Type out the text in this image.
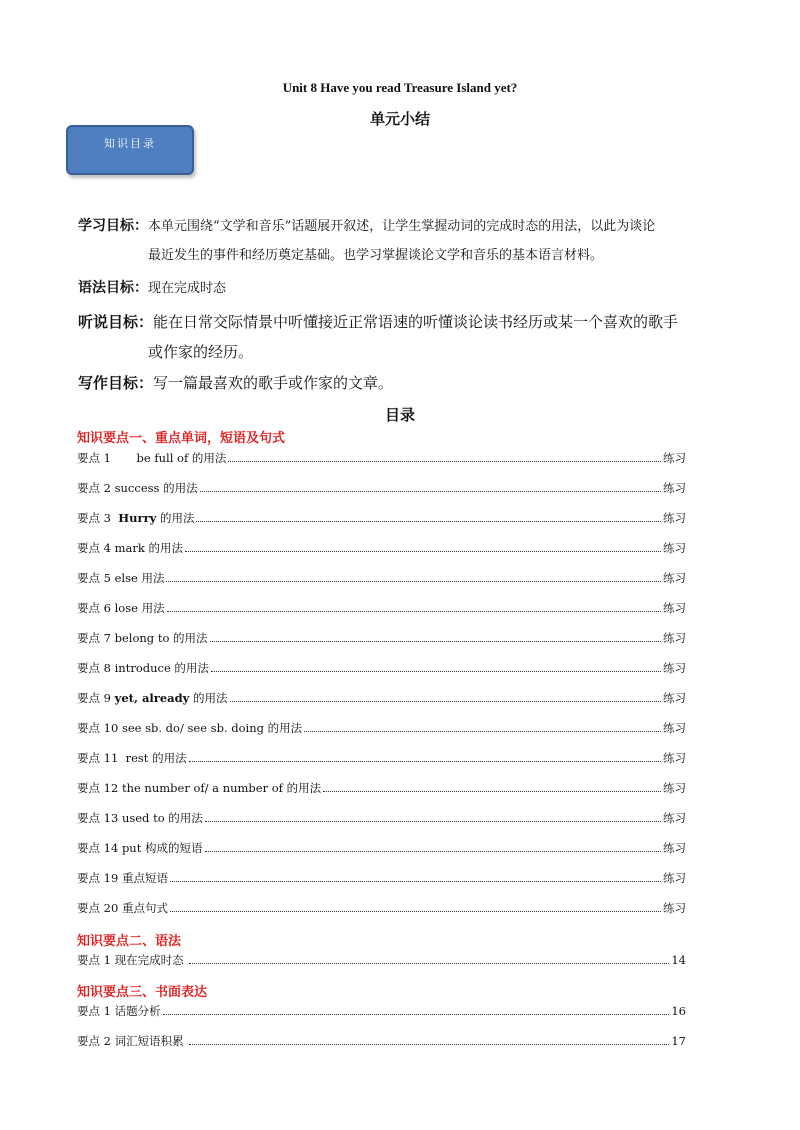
Unit 8 Have you read Treasure Island yet?
单元小结
知识目录
学习目标：本单元围绕“文学和音乐”话题展开叙述，让学生掌握动词的完成时态的用法，以此为谈论
最近发生的事件和经历奠定基础。也学习掌握谈论文学和音乐的基本语言材料。
语法目标：现在完成时态
听说目标：能在日常交际情景中听懂接近正常语速的听懂谈论读书经历或某一个喜欢的歌手
或作家的经历。
写作目标：写一篇最喜欢的歌手或作家的文章。
目录
知识要点一、重点单词，短语及句式
知识要点二、语法
知识要点三、书面表达
要点 1       be full of 的用法	练习
要点 2 success 的用法	练习
要点 3  Hurry 的用法	练习
要点 4 mark 的用法	练习
要点 5 else 用法	练习
要点 6 lose 用法	练习
要点 7 belong to 的用法	练习
要点 8 introduce 的用法	练习
要点 9 yet, already 的用法	练习
要点 10 see sb. do/ see sb. doing 的用法	练习
要点 11  rest 的用法	练习
要点 12 the number of/ a number of 的用法	练习
要点 13 used to 的用法	练习
要点 14 put 构成的短语	练习
要点 19 重点短语	练习
要点 20 重点句式	练习
要点 1 现在完成时态	14
要点 1 话题分析	16
要点 2 词汇短语积累	17
